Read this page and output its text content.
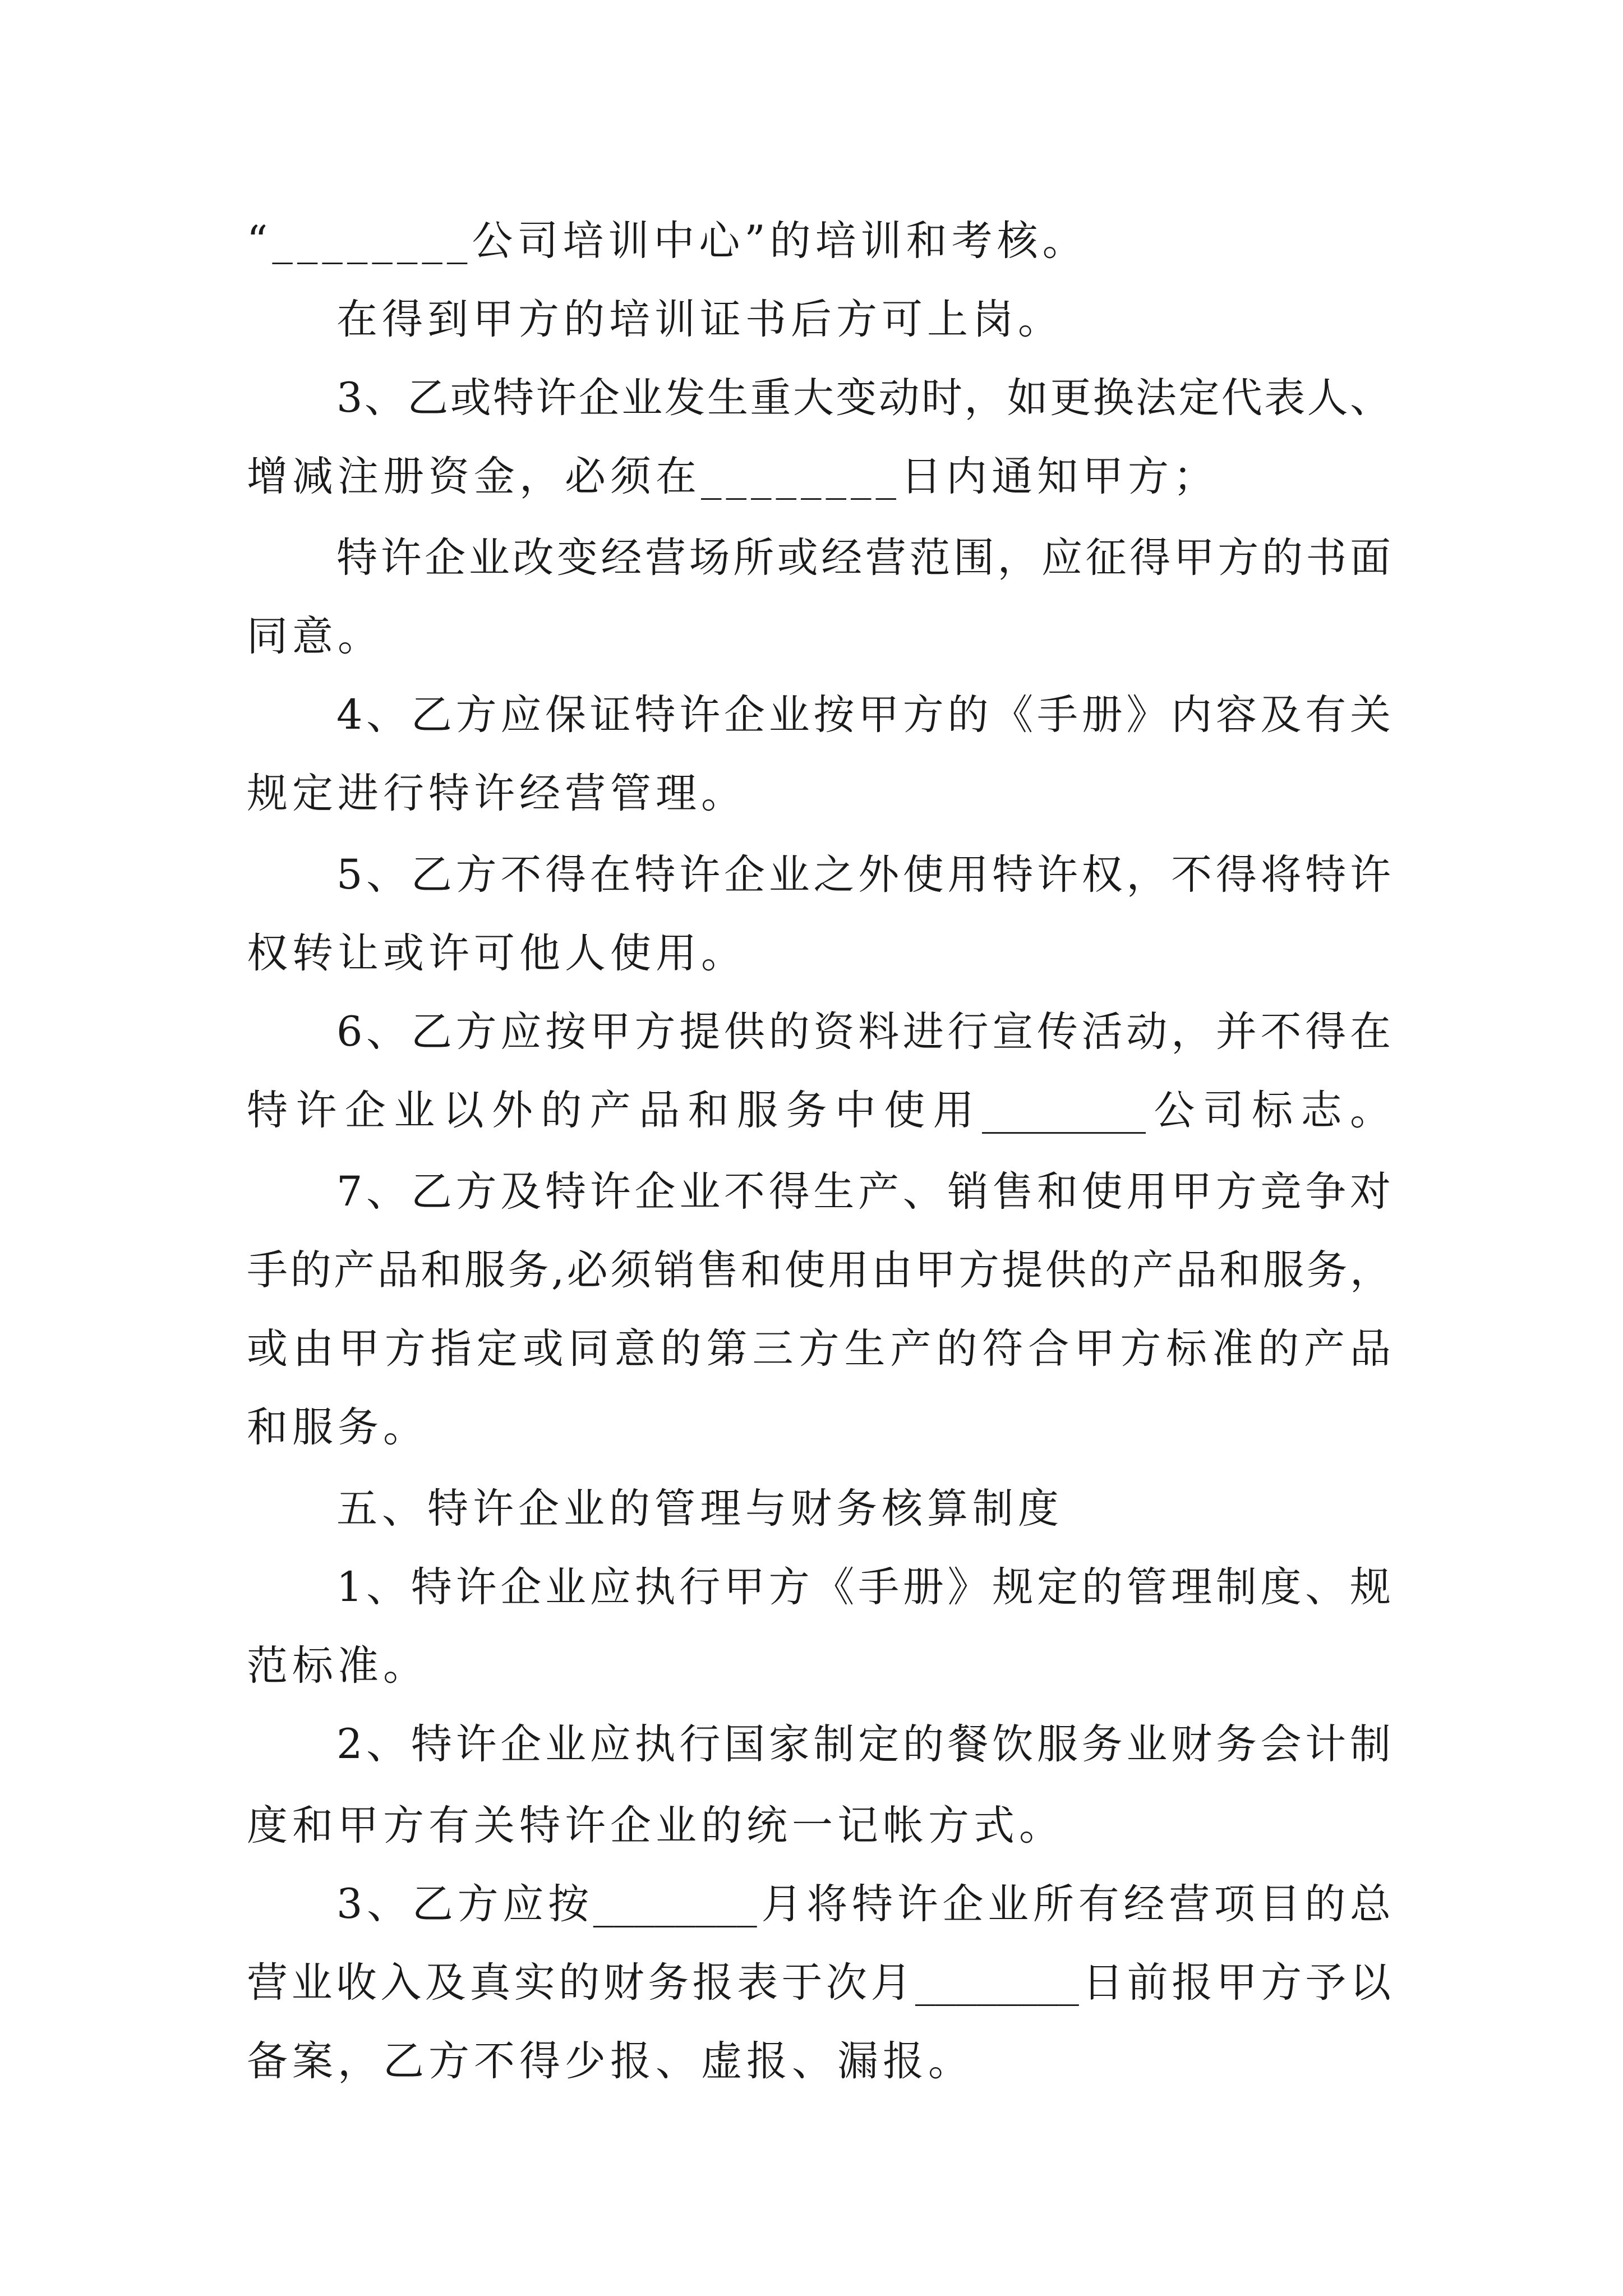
“________公司培训中心”的培训和考核。
在得到甲方的培训证书后方可上岗。
3、乙或特许企业发生重大变动时，如更换法定代表人、
增减注册资金，必须在________日内通知甲方；
特许企业改变经营场所或经营范围，应征得甲方的书面
同意。
4、乙方应保证特许企业按甲方的《手册》内容及有关
规定进行特许经营管理。
5、乙方不得在特许企业之外使用特许权，不得将特许
权转让或许可他人使用。
6、乙方应按甲方提供的资料进行宣传活动，并不得在
特许企业以外的产品和服务中使用________公司标志。
7、乙方及特许企业不得生产、销售和使用甲方竞争对
手的产品和服务,必须销售和使用由甲方提供的产品和服务，
或由甲方指定或同意的第三方生产的符合甲方标准的产品
和服务。
五、特许企业的管理与财务核算制度
1、特许企业应执行甲方《手册》规定的管理制度、规
范标准。
2、特许企业应执行国家制定的餐饮服务业财务会计制
度和甲方有关特许企业的统一记帐方式。
3、乙方应按________月将特许企业所有经营项目的总
营业收入及真实的财务报表于次月________日前报甲方予以
备案，乙方不得少报、虚报、漏报。
